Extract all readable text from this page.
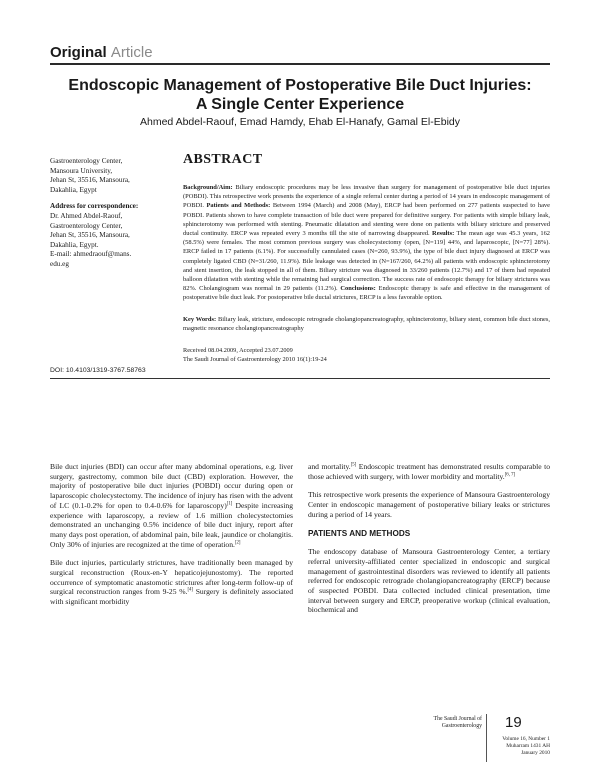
Original Article
Endoscopic Management of Postoperative Bile Duct Injuries:
A Single Center Experience
Ahmed Abdel-Raouf, Emad Hamdy, Ehab El-Hanafy, Gamal El-Ebidy
Gastroenterology Center,
Mansoura University,
Jehan St, 35516, Mansoura,
Dakahlia, Egypt
Address for correspondence:
Dr. Ahmed Abdel-Raouf,
Gastroenterology Center,
Jehan St, 35516, Mansoura,
Dakahlia, Egypt.
E-mail: ahmedraouf@mans.
edu.eg
ABSTRACT
Background/Aim: Biliary endoscopic procedures may be less invasive than surgery for management of postoperative bile duct injuries (POBDI). This retrospective work presents the experience of a single referral center during a period of 14 years in endoscopic management of POBDI. Patients and Methods: Between 1994 (March) and 2008 (May), ERCP had been performed on 277 patients suspected to have POBDI. Patients shown to have complete transaction of bile duct were prepared for definitive surgery. For patients with simple biliary leak, sphincterotomy was performed with stenting. Pneumatic dilatation and stenting were done on patients with biliary stricture and preserved ductal continuity. ERCP was repeated every 3 months till the site of narrowing disappeared. Results: The mean age was 45.3 years, 162 (58.5%) were females. The most common previous surgery was cholecystectomy (open, [N=119] 44%, and laparoscopic, [N=77] 28%). ERCP failed in 17 patients (6.1%). For successfully cannulated cases (N=260, 93.9%), the type of bile duct injury diagnosed at ERCP was completely ligated CBD (N=31/260, 11.9%). Bile leakage was detected in (N=167/260, 64.2%) all patients with endoscopic sphincterotomy and stent insertion, the leak stopped in all of them. Biliary stricture was diagnosed in 33/260 patients (12.7%) and 17 of them had repeated balloon dilatation with stenting while the remaining had surgical correction. The success rate of endoscopic therapy for biliary strictures was 82%. Cholangiogram was normal in 29 patients (11.2%). Conclusions: Endoscopic therapy is safe and effective in the management of postoperative bile duct leak. For postoperative bile ductal strictures, ERCP is a less favorable option.
Key Words: Biliary leak, stricture, endoscopic retrograde cholangiopancreatography, sphincterotomy, biliary stent, common bile duct stones, magnetic resonance cholangiopancreatography
Received 08.04.2009, Accepted 23.07.2009
The Saudi Journal of Gastroenterology 2010 16(1):19-24
DOI: 10.4103/1319-3767.58763

Bile duct injuries (BDI) can occur after many abdominal operations, e.g. liver surgery, gastrectomy, common bile duct (CBD) exploration. However, the majority of postoperative bile duct injuries (POBDI) occur during open or laparoscopic cholecystectomy. The incidence of injury has risen with the advent of LC (0.1-0.2% for open to 0.4-0.6% for laparoscopy)[1] Despite increasing experience with laparoscopy, a review of 1.6 million cholecystectomies demonstrated an unchanging 0.5% incidence of bile duct injury, report after many days post operation, of abdominal pain, bile leak, jaundice or cholangitis. Only 30% of injuries are recognized at the time of operation.[2]

Bile duct injuries, particularly strictures, have traditionally been managed by surgical reconstruction (Roux-en-Y hepaticojejunostomy). The reported occurrence of symptomatic anastomotic strictures after long-term follow-up of surgical reconstruction ranges from 9-25 %.[4] Surgery is definitely associated with significant morbidity

and mortality.[5] Endoscopic treatment has demonstrated results comparable to those achieved with surgery, with lower morbidity and mortality.[6, 7]

This retrospective work presents the experience of Mansoura Gastroenterology Center in endoscopic management of postoperative biliary leaks or strictures during a period of 14 years.

PATIENTS AND METHODS

The endoscopy database of Mansoura Gastroenterology Center, a tertiary referral university-affiliated center specialized in endoscopic and surgical management of gastrointestinal disorders was reviewed to identify all patients referred for endoscopic retrograde cholangiopancreatography (ERCP) because of suspected POBDI. Data collected included clinical presentation, time interval between surgery and ERCP, preoperative workup (clinical evaluation, biochemical and

The Saudi Journal of
Gastroenterology 19
Volume 16, Number 1
Muharram 1431 AH
January 2010
